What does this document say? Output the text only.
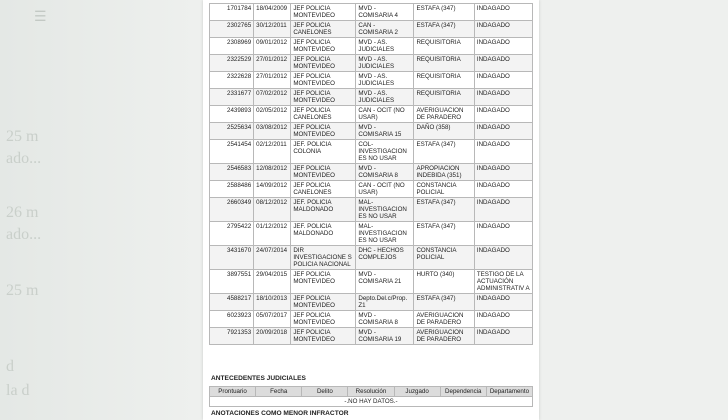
☰
25 m
ado...
26 m
ado...
25 m
d
la d
1701784	18/04/2009	JEF POLICIA MONTEVIDEO	MVD - COMISARIA 4	ESTAFA (347)	INDAGADO
2302765	30/12/2011	JEF POLICIA CANELONES	CAN - COMISARIA 2	ESTAFA (347)	INDAGADO
2308969	09/01/2012	JEF POLICIA MONTEVIDEO	MVD - AS. JUDICIALES	REQUISITORIA	INDAGADO
2322529	27/01/2012	JEF POLICIA MONTEVIDEO	MVD - AS. JUDICIALES	REQUISITORIA	INDAGADO
2322628	27/01/2012	JEF POLICIA MONTEVIDEO	MVD - AS. JUDICIALES	REQUISITORIA	INDAGADO
2331677	07/02/2012	JEF POLICIA MONTEVIDEO	MVD - AS. JUDICIALES	REQUISITORIA	INDAGADO
2439893	02/05/2012	JEF POLICIA CANELONES	CAN - OCIT (NO USAR)	AVERIGUACION DE PARADERO	INDAGADO
2525634	03/08/2012	JEF POLICIA MONTEVIDEO	MVD - COMISARIA 15	DAÑO (358)	INDAGADO
2541454	02/12/2011	JEF. POLICIA COLONIA	COL- INVESTIGACION ES NO USAR	ESTAFA (347)	INDAGADO
2546583	12/08/2012	JEF POLICIA MONTEVIDEO	MVD - COMISARIA 8	APROPIACION INDEBIDA (351)	INDAGADO
2588486	14/09/2012	JEF POLICIA CANELONES	CAN - OCIT (NO USAR)	CONSTANCIA POLICIAL	INDAGADO
2660349	08/12/2012	JEF. POLICIA MALDONADO	MAL- INVESTIGACION ES NO USAR	ESTAFA (347)	INDAGADO
2795422	01/12/2012	JEF. POLICIA MALDONADO	MAL- INVESTIGACION ES NO USAR	ESTAFA (347)	INDAGADO
3431670	24/07/2014	DIR INVESTIGACIONE S POLICIA NACIONAL	DHC - HECHOS COMPLEJOS	CONSTANCIA POLICIAL	INDAGADO
3897551	29/04/2015	JEF POLICIA MONTEVIDEO	MVD - COMISARIA 21	HURTO (340)	TESTIGO DE LA ACTUACIÓN ADMINISTRATIV A
4588217	18/10/2013	JEF POLICIA MONTEVIDEO	Depto.Del.c/Prop. Z1	ESTAFA (347)	INDAGADO
6023923	05/07/2017	JEF POLICIA MONTEVIDEO	MVD - COMISARIA 8	AVERIGUACION DE PARADERO	INDAGADO
7921353	20/09/2018	JEF POLICIA MONTEVIDEO	MVD - COMISARIA 19	AVERIGUACION DE PARADERO	INDAGADO
ANTECEDENTES JUDICIALES
Prontuario	Fecha	Delito	Resolución	Juzgado	Dependencia	Departamento
-.NO HAY DATOS.-
ANOTACIONES COMO MENOR INFRACTOR
